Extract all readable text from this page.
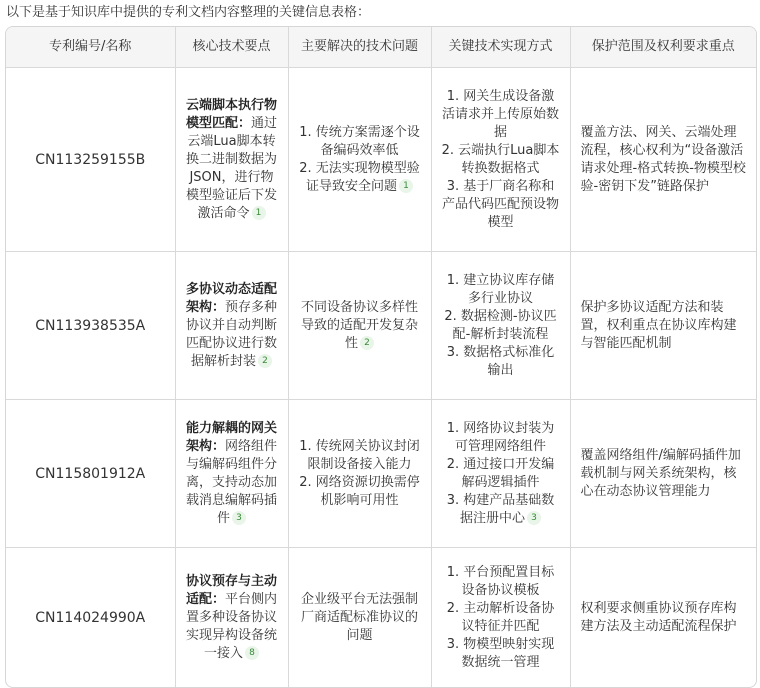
以下是基于知识库中提供的专利文档内容整理的关键信息表格：
专利编号/名称	核心技术要点	主要解决的技术问题	关键技术实现方式	保护范围及权利要求重点
CN113259155B	云端脚本执行物模型匹配：通过云端Lua脚本转换二进制数据为JSON，进行物模型验证后下发激活命令 1	1. 传统方案需逐个设备编码效率低
2. 无法实现物模型验证导致安全问题 1	1. 网关生成设备激活请求并上传原始数据
2. 云端执行Lua脚本转换数据格式
3. 基于厂商名称和产品代码匹配预设物模型	覆盖方法、网关、云端处理流程，核心权利为“设备激活请求处理-格式转换-物模型校验-密钥下发”链路保护
CN113938535A	多协议动态适配架构：预存多种协议并自动判断匹配协议进行数据解析封装 2	不同设备协议多样性导致的适配开发复杂性 2	1. 建立协议库存储多行业协议
2. 数据检测-协议匹配-解析封装流程
3. 数据格式标准化输出	保护多协议适配方法和装置，权利重点在协议库构建与智能匹配机制
CN115801912A	能力解耦的网关架构：网络组件与编解码组件分离，支持动态加载消息编解码插件 3	1. 传统网关协议封闭限制设备接入能力
2. 网络资源切换需停机影响可用性	1. 网络协议封装为可管理网络组件
2. 通过接口开发编解码逻辑插件
3. 构建产品基础数据注册中心 3	覆盖网络组件/编解码插件加载机制与网关系统架构，核心在动态协议管理能力
CN114024990A	协议预存与主动适配：平台侧内置多种设备协议实现异构设备统一接入 8	企业级平台无法强制厂商适配标准协议的问题	1. 平台预配置目标设备协议模板
2. 主动解析设备协议特征并匹配
3. 物模型映射实现数据统一管理	权利要求侧重协议预存库构建方法及主动适配流程保护
